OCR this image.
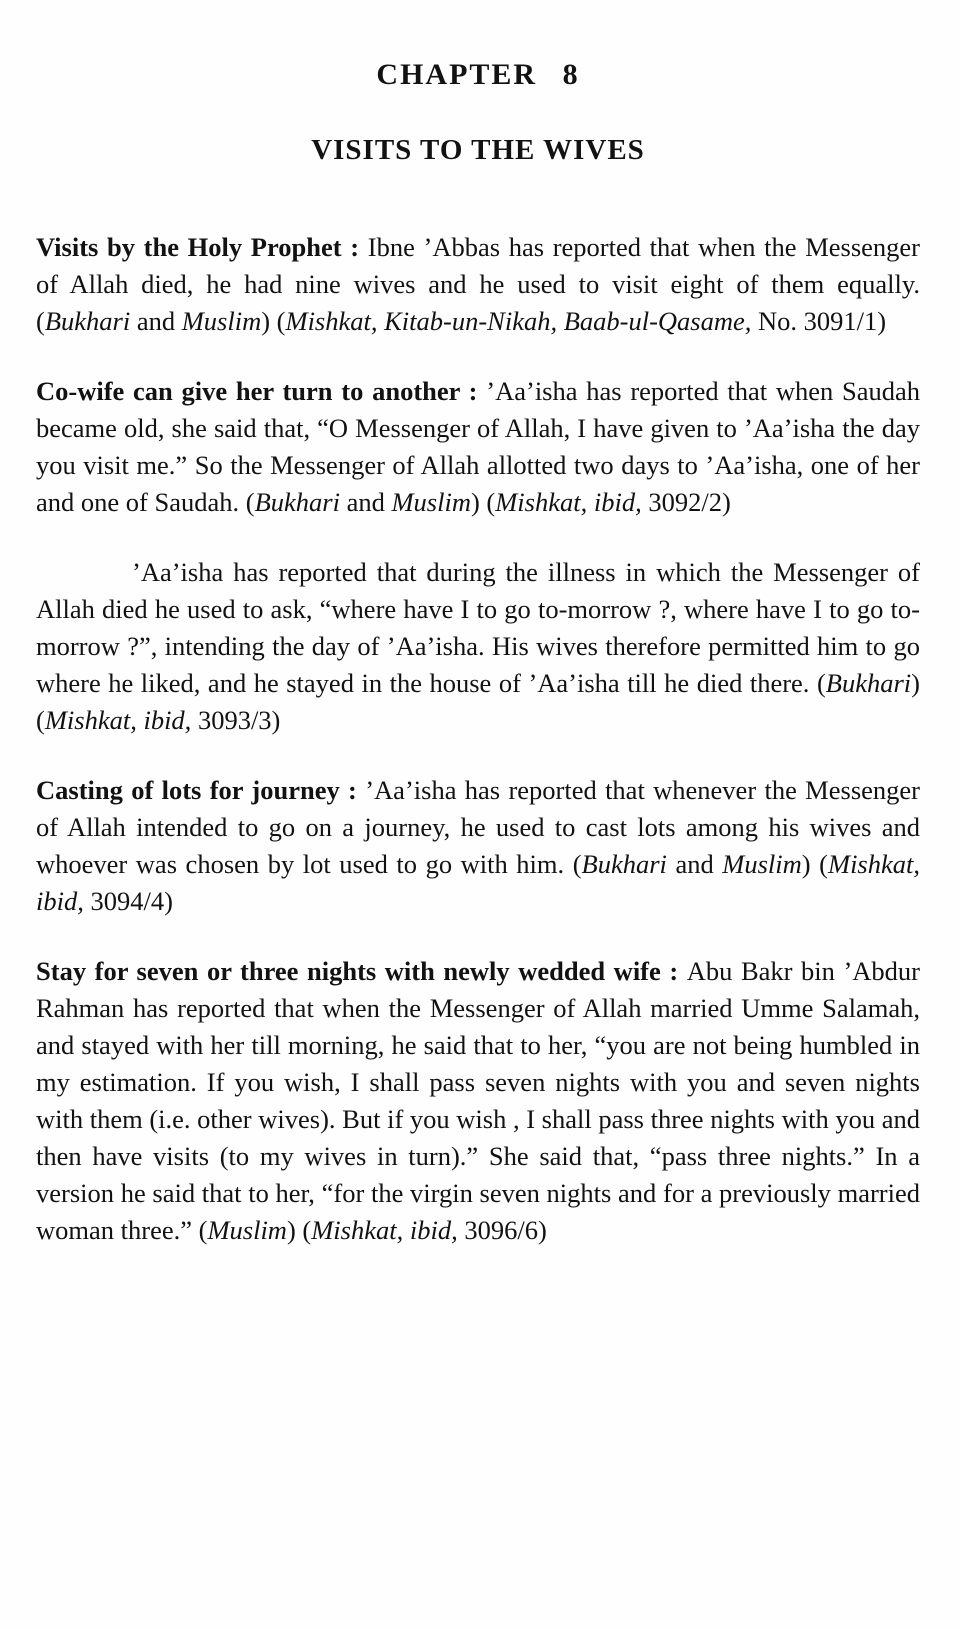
CHAPTER 8
VISITS TO THE WIVES

Visits by the Holy Prophet : Ibne ’Abbas has reported that when the Messenger of Allah died, he had nine wives and he used to visit eight of them equally. (Bukhari and Muslim) (Mishkat, Kitab-un-Nikah, Baab-ul-Qasame, No. 3091/1)

Co-wife can give her turn to another : ’Aa’isha has reported that when Saudah became old, she said that, “O Messenger of Allah, I have given to ’Aa’isha the day you visit me.” So the Messenger of Allah allotted two days to ’Aa’isha, one of her and one of Saudah. (Bukhari and Muslim) (Mishkat, ibid, 3092/2)

’Aa’isha has reported that during the illness in which the Messenger of Allah died he used to ask, “where have I to go to-morrow ?, where have I to go to-morrow ?”, intending the day of ’Aa’isha. His wives therefore permitted him to go where he liked, and he stayed in the house of ’Aa’isha till he died there. (Bukhari) (Mishkat, ibid, 3093/3)

Casting of lots for journey : ’Aa’isha has reported that whenever the Messenger of Allah intended to go on a journey, he used to cast lots among his wives and whoever was chosen by lot used to go with him. (Bukhari and Muslim) (Mishkat, ibid, 3094/4)

Stay for seven or three nights with newly wedded wife : Abu Bakr bin ’Abdur Rahman has reported that when the Messenger of Allah married Umme Salamah, and stayed with her till morning, he said that to her, “you are not being humbled in my estimation. If you wish, I shall pass seven nights with you and seven nights with them (i.e. other wives). But if you wish , I shall pass three nights with you and then have visits (to my wives in turn).” She said that, “pass three nights.” In a version he said that to her, “for the virgin seven nights and for a previously married woman three.” (Muslim) (Mishkat, ibid, 3096/6)
